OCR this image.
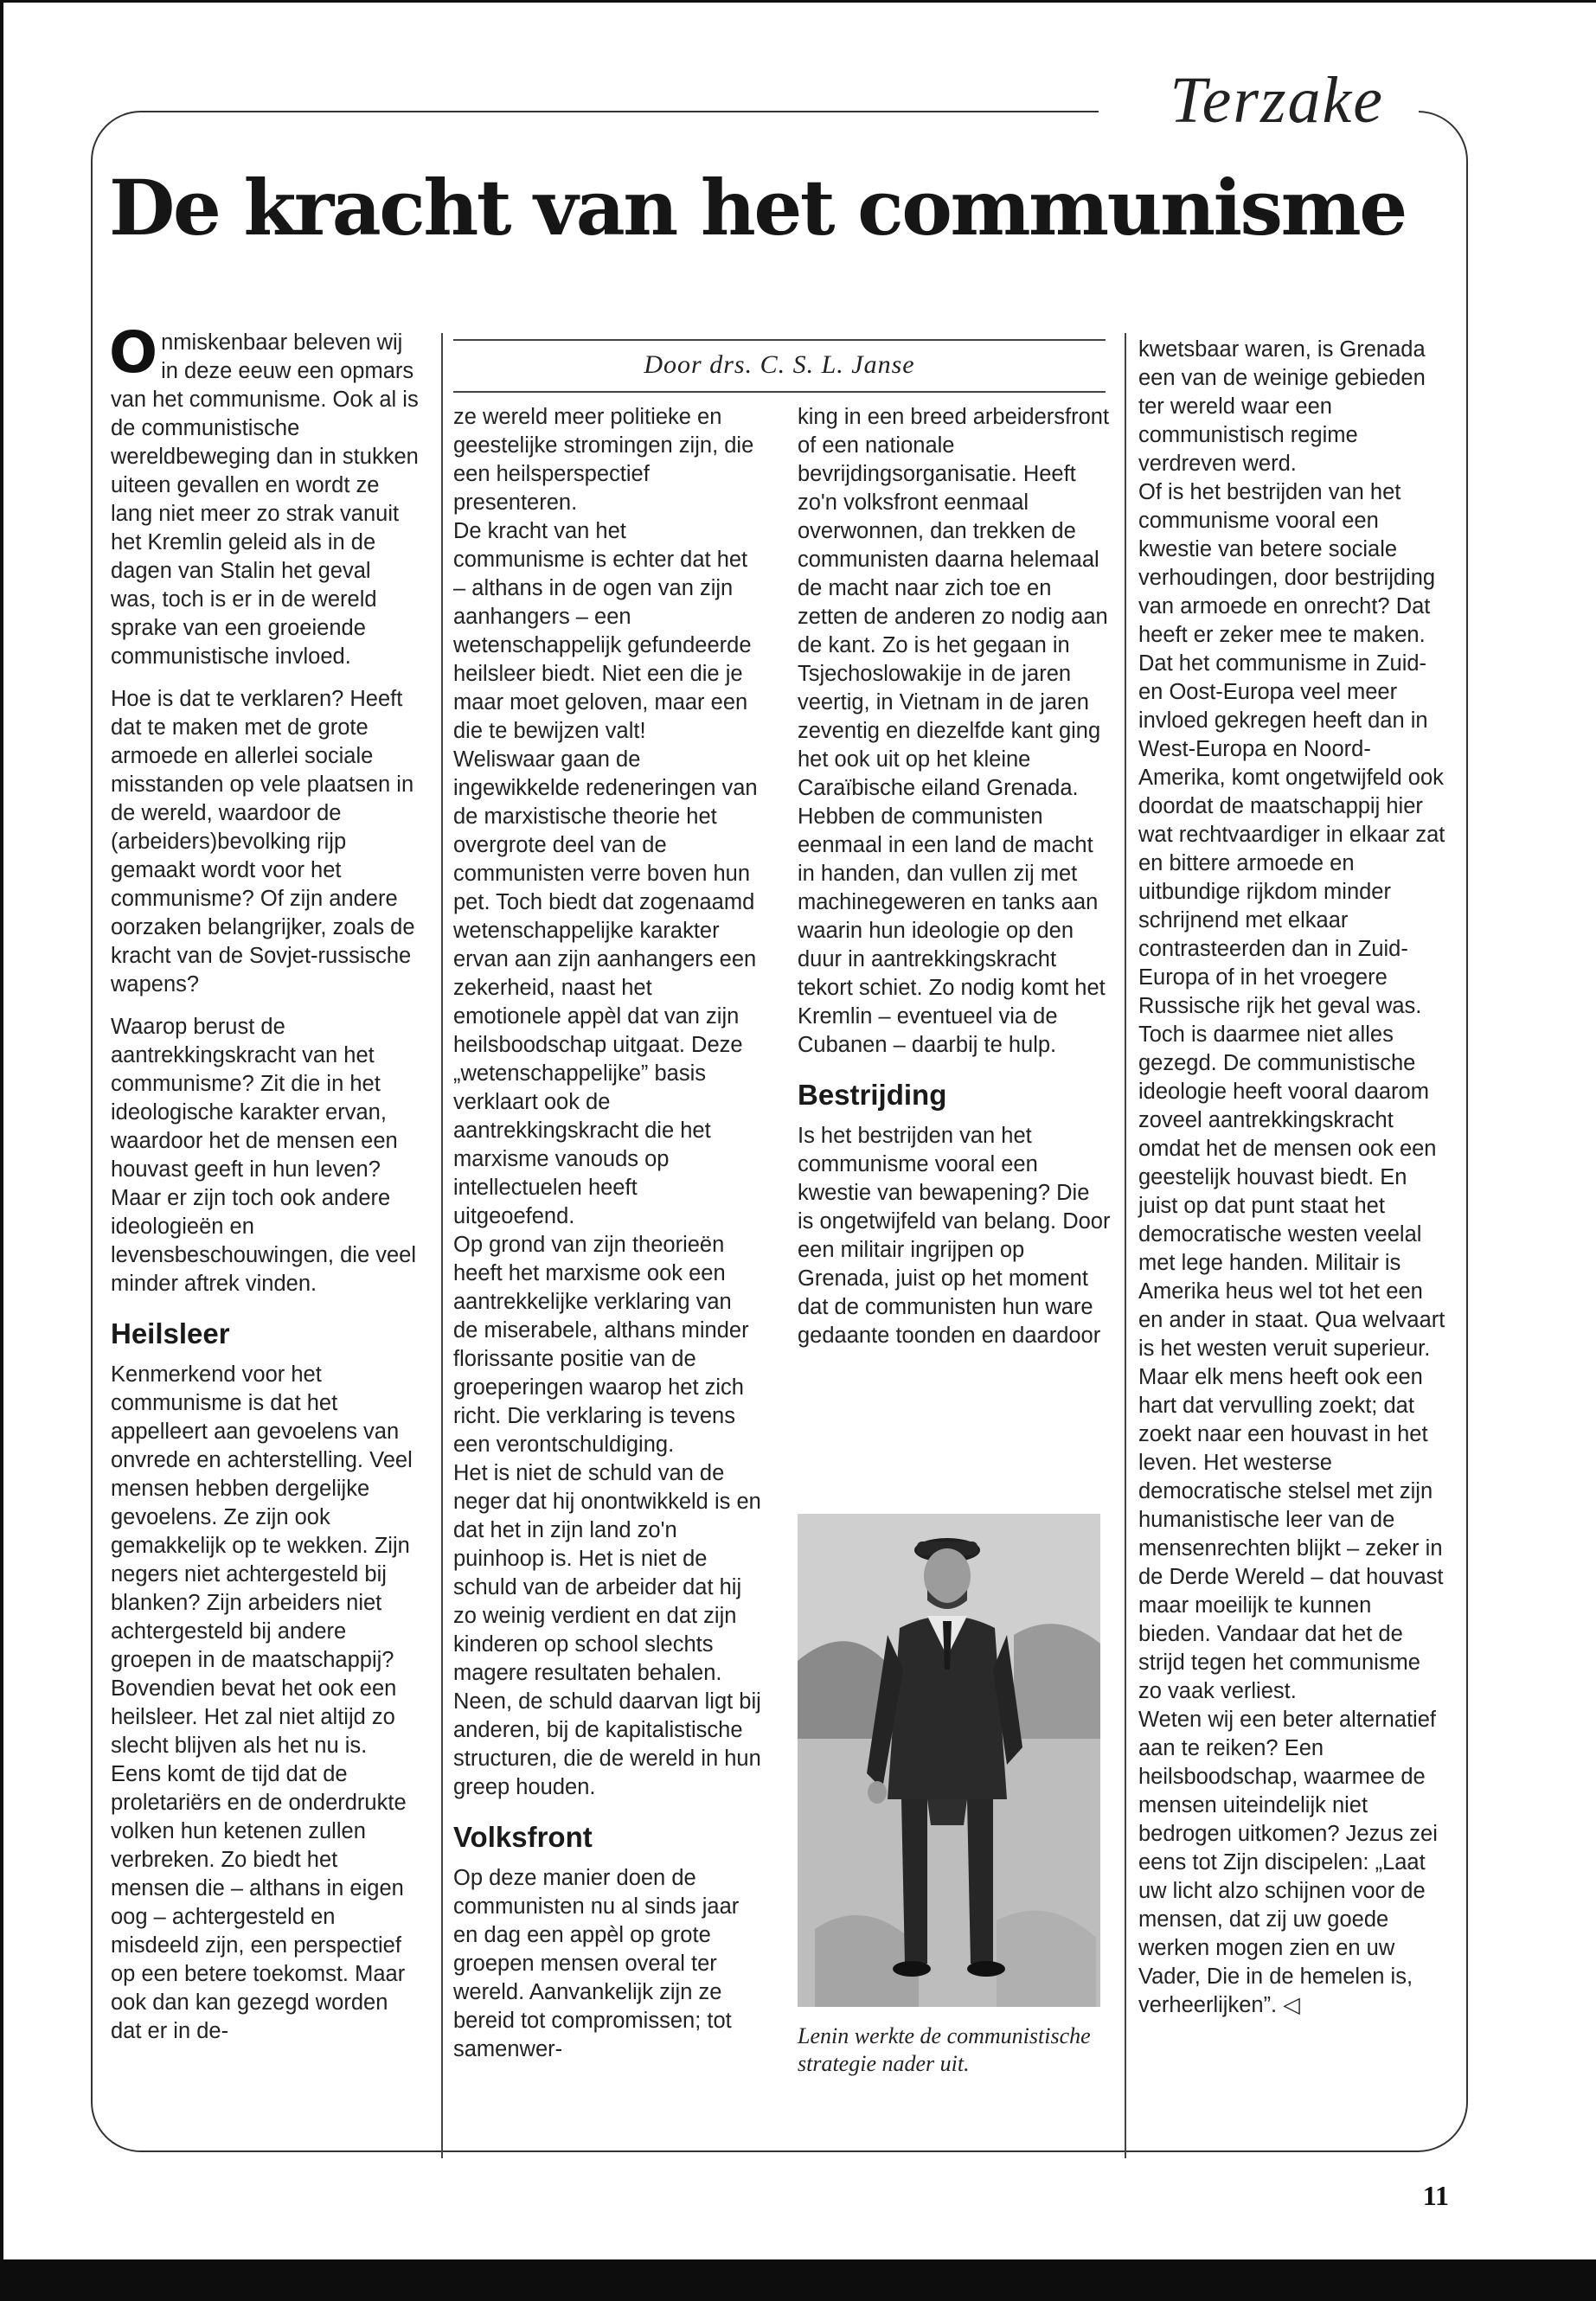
Terzake
De kracht van het communisme
Door drs. C. S. L. Janse

Onmiskenbaar beleven wij in deze eeuw een opmars van het communisme. Ook al is de communistische wereldbeweging dan in stukken uiteen gevallen en wordt ze lang niet meer zo strak vanuit het Kremlin geleid als in de dagen van Stalin het geval was, toch is er in de wereld sprake van een groeiende communistische invloed.

Hoe is dat te verklaren? Heeft dat te maken met de grote armoede en allerlei sociale misstanden op vele plaatsen in de wereld, waardoor de (arbeiders)bevolking rijp gemaakt wordt voor het communisme? Of zijn andere oorzaken belangrijker, zoals de kracht van de Sovjet-russische wapens?

Waarop berust de aantrekkingskracht van het communisme? Zit die in het ideologische karakter ervan, waardoor het de mensen een houvast geeft in hun leven? Maar er zijn toch ook andere ideologieën en levensbeschouwingen, die veel minder aftrek vinden.

Heilsleer

Kenmerkend voor het communisme is dat het appelleert aan gevoelens van onvrede en achterstelling. Veel mensen hebben dergelijke gevoelens. Ze zijn ook gemakkelijk op te wekken. Zijn negers niet achtergesteld bij blanken? Zijn arbeiders niet achtergesteld bij andere groepen in de maatschappij?

Bovendien bevat het ook een heilsleer. Het zal niet altijd zo slecht blijven als het nu is. Eens komt de tijd dat de proletariërs en de onderdrukte volken hun ketenen zullen verbreken. Zo biedt het mensen die – althans in eigen oog – achtergesteld en misdeeld zijn, een perspectief op een betere toekomst. Maar ook dan kan gezegd worden dat er in de-

ze wereld meer politieke en geestelijke stromingen zijn, die een heilsperspectief presenteren.

De kracht van het communisme is echter dat het – althans in de ogen van zijn aanhangers – een wetenschappelijk gefundeerde heilsleer biedt. Niet een die je maar moet geloven, maar een die te bewijzen valt!

Weliswaar gaan de ingewikkelde redeneringen van de marxistische theorie het overgrote deel van de communisten verre boven hun pet. Toch biedt dat zogenaamd wetenschappelijke karakter ervan aan zijn aanhangers een zekerheid, naast het emotionele appèl dat van zijn heilsboodschap uitgaat. Deze „wetenschappelijke” basis verklaart ook de aantrekkingskracht die het marxisme vanouds op intellectuelen heeft uitgeoefend.

Op grond van zijn theorieën heeft het marxisme ook een aantrekkelijke verklaring van de miserabele, althans minder florissante positie van de groeperingen waarop het zich richt. Die verklaring is tevens een verontschuldiging.

Het is niet de schuld van de neger dat hij onontwikkeld is en dat het in zijn land zo'n puinhoop is. Het is niet de schuld van de arbeider dat hij zo weinig verdient en dat zijn kinderen op school slechts magere resultaten behalen. Neen, de schuld daarvan ligt bij anderen, bij de kapitalistische structuren, die de wereld in hun greep houden.

Volksfront

Op deze manier doen de communisten nu al sinds jaar en dag een appèl op grote groepen mensen overal ter wereld. Aanvankelijk zijn ze bereid tot compromissen; tot samenwer-

king in een breed arbeidersfront of een nationale bevrijdingsorganisatie. Heeft zo'n volksfront eenmaal overwonnen, dan trekken de communisten daarna helemaal de macht naar zich toe en zetten de anderen zo nodig aan de kant. Zo is het gegaan in Tsjechoslowakije in de jaren veertig, in Vietnam in de jaren zeventig en diezelfde kant ging het ook uit op het kleine Caraïbische eiland Grenada.

Hebben de communisten eenmaal in een land de macht in handen, dan vullen zij met machinegeweren en tanks aan waarin hun ideologie op den duur in aantrekkingskracht tekort schiet. Zo nodig komt het Kremlin – eventueel via de Cubanen – daarbij te hulp.

Bestrijding

Is het bestrijden van het communisme vooral een kwestie van bewapening? Die is ongetwijfeld van belang. Door een militair ingrijpen op Grenada, juist op het moment dat de communisten hun ware gedaante toonden en daardoor

Lenin werkte de communistische strategie nader uit.

kwetsbaar waren, is Grenada een van de weinige gebieden ter wereld waar een communistisch regime verdreven werd.

Of is het bestrijden van het communisme vooral een kwestie van betere sociale verhoudingen, door bestrijding van armoede en onrecht? Dat heeft er zeker mee te maken. Dat het communisme in Zuid- en Oost-Europa veel meer invloed gekregen heeft dan in West-Europa en Noord-Amerika, komt ongetwijfeld ook doordat de maatschappij hier wat rechtvaardiger in elkaar zat en bittere armoede en uitbundige rijkdom minder schrijnend met elkaar contrasteerden dan in Zuid-Europa of in het vroegere Russische rijk het geval was.

Toch is daarmee niet alles gezegd. De communistische ideologie heeft vooral daarom zoveel aantrekkingskracht omdat het de mensen ook een geestelijk houvast biedt. En juist op dat punt staat het democratische westen veelal met lege handen. Militair is Amerika heus wel tot het een en ander in staat. Qua welvaart is het westen veruit superieur. Maar elk mens heeft ook een hart dat vervulling zoekt; dat zoekt naar een houvast in het leven. Het westerse democratische stelsel met zijn humanistische leer van de mensenrechten blijkt – zeker in de Derde Wereld – dat houvast maar moeilijk te kunnen bieden. Vandaar dat het de strijd tegen het communisme zo vaak verliest.

Weten wij een beter alternatief aan te reiken? Een heilsboodschap, waarmee de mensen uiteindelijk niet bedrogen uitkomen? Jezus zei eens tot Zijn discipelen: „Laat uw licht alzo schijnen voor de mensen, dat zij uw goede werken mogen zien en uw Vader, Die in de hemelen is, verheerlijken”. ◁

11
